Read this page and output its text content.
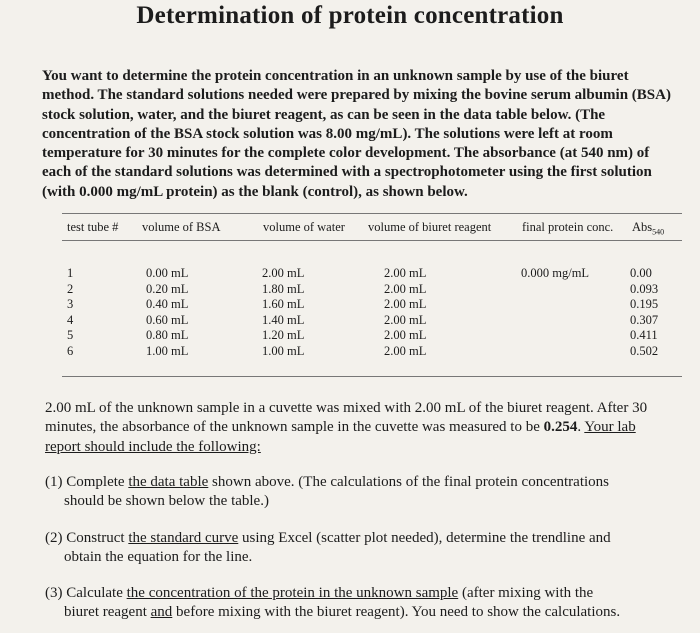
Determination of protein concentration
You want to determine the protein concentration in an unknown sample by use of the biuret method. The standard solutions needed were prepared by mixing the bovine serum albumin (BSA) stock solution, water, and the biuret reagent, as can be seen in the data table below. (The concentration of the BSA stock solution was 8.00 mg/mL). The solutions were left at room temperature for 30 minutes for the complete color development. The absorbance (at 540 nm) of each of the standard solutions was determined with a spectrophotometer using the first solution (with 0.000 mg/mL protein) as the blank (control), as shown below.
test tube # volume of BSA	volume of water volume of biuret reagent final protein conc. Abs$_{540}$
1
2
3
4
5
6
0.00 mL
0.20 mL
0.40 mL
0.60 mL
0.80 mL
1.00 mL
2.00 mL
1.80 mL
1.60 mL
1.40 mL
1.20 mL
1.00 mL
2.00 mL
2.00 mL
2.00 mL
2.00 mL
2.00 mL
2.00 mL
0.000 mg/mL	0.00
0.093
0.195
0.307
0.411
0.502
2.00 mL of the unknown sample in a cuvette was mixed with 2.00 mL of the biuret reagent. After 30 minutes, the absorbance of the unknown sample in the cuvette was measured to be 0.254. Your lab report should include the following:
(1) Complete the data table shown above. (The calculations of the final protein concentrations
should be shown below the table.)
(2) Construct the standard curve using Excel (scatter plot needed), determine the trendline and
obtain the equation for the line.
(3) Calculate the concentration of the protein in the unknown sample (after mixing with the
biuret reagent and before mixing with the biuret reagent). You need to show the calculations.
